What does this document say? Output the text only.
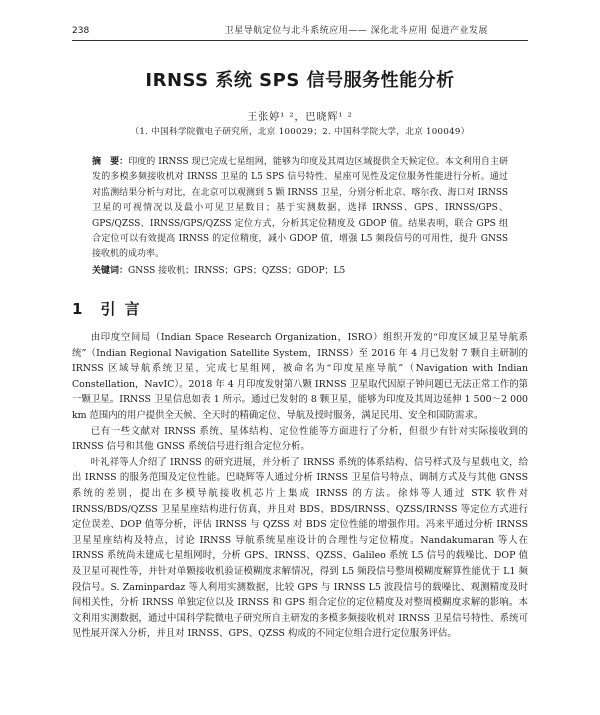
238	卫星导航定位与北斗系统应用—— 深化北斗应用 促进产业发展
IRNSS 系统 SPS 信号服务性能分析
王张婷¹ ²，巴晓辉¹ ²
（1. 中国科学院微电子研究所，北京 100029；2. 中国科学院大学，北京 100049）
摘　要：印度的 IRNSS 现已完成七星组网，能够为印度及其周边区域提供全天候定位。本文利用自主研发的多模多频接收机对 IRNSS 卫星的 L5 SPS 信号特性、星座可见性及定位服务性能进行分析。通过对监测结果分析与对比，在北京可以观测到 5 颗 IRNSS 卫星，分别分析北京、喀尔孜、海口对 IRNSS 卫星的可视情况以及最小可见卫星数目；基于实测数据，选择 IRNSS、GPS、IRNSS/GPS、GPS/QZSS、IRNSS/GPS/QZSS 定位方式，分析其定位精度及 GDOP 值。结果表明，联合 GPS 组合定位可以有效提高 IRNSS 的定位精度，减小 GDOP 值，增强 L5 频段信号的可用性，提升 GNSS 接收机的成功率。
关键词：GNSS 接收机；IRNSS；GPS；QZSS；GDOP；L5
1 引 言

由印度空间局（Indian Space Research Organization，ISRO）组织开发的“印度区域卫星导航系统”（Indian Regional Navigation Satellite System，IRNSS）至 2016 年 4 月已发射 7 颗自主研制的 IRNSS 区域导航系统卫星，完成七星组网，被命名为“印度星座导航”（Navigation with Indian Constellation，NavIC）。2018 年 4 月印度发射第八颗 IRNSS 卫星取代因原子钟问题已无法正常工作的第一颗卫星。IRNSS 卫星信息如表 1 所示。通过已发射的 8 颗卫星，能够为印度及其周边延伸 1 500～2 000 km 范围内的用户提供全天候、全天时的精确定位、导航及授时服务，满足民用、安全和国防需求。

已有一些文献对 IRNSS 系统、星体结构、定位性能等方面进行了分析，但很少有针对实际接收到的 IRNSS 信号和其他 GNSS 系统信号进行组合定位分析。

叶礼祥等人介绍了 IRNSS 的研究进展，并分析了 IRNSS 系统的体系结构、信号样式及与星载电文，给出 IRNSS 的服务范围及定位性能。巴晓辉等人通过分析 IRNSS 卫星信号特点、调制方式及与其他 GNSS 系统的差别，提出在多模导航接收机芯片上集成 IRNSS 的方法。徐炜等人通过 STK 软件对 IRNSS/BDS/QZSS 卫星星座结构进行仿真，并且对 BDS、BDS/IRNSS、QZSS/IRNSS 等定位方式进行定位误差、DOP 值等分析，评估 IRNSS 与 QZSS 对 BDS 定位性能的增强作用。冯来平通过分析 IRNSS 卫星星座结构及特点，讨论 IRNSS 导航系统星座设计的合理性与定位精度。Nandakumaran 等人在 IRNSS 系统尚未建成七星组网时，分析 GPS、IRNSS、QZSS、Galileo 系统 L5 信号的载噪比、DOP 值及卫星可视性等，并针对单颗接收机验证模糊度求解情况，得到 L5 频段信号整周模糊度解算性能优于 L1 频段信号。S. Zaminpardaz 等人利用实测数据，比较 GPS 与 IRNSS L5 波段信号的载噪比、观测精度及时间相关性，分析 IRNSS 单独定位以及 IRNSS 和 GPS 组合定位的定位精度及对整周模糊度求解的影响。本文利用实测数据，通过中国科学院微电子研究所自主研发的多模多频接收机对 IRNSS 卫星信号特性、系统可见性展开深入分析，并且对 IRNSS、GPS、QZSS 构成的不同定位组合进行定位服务评估。
